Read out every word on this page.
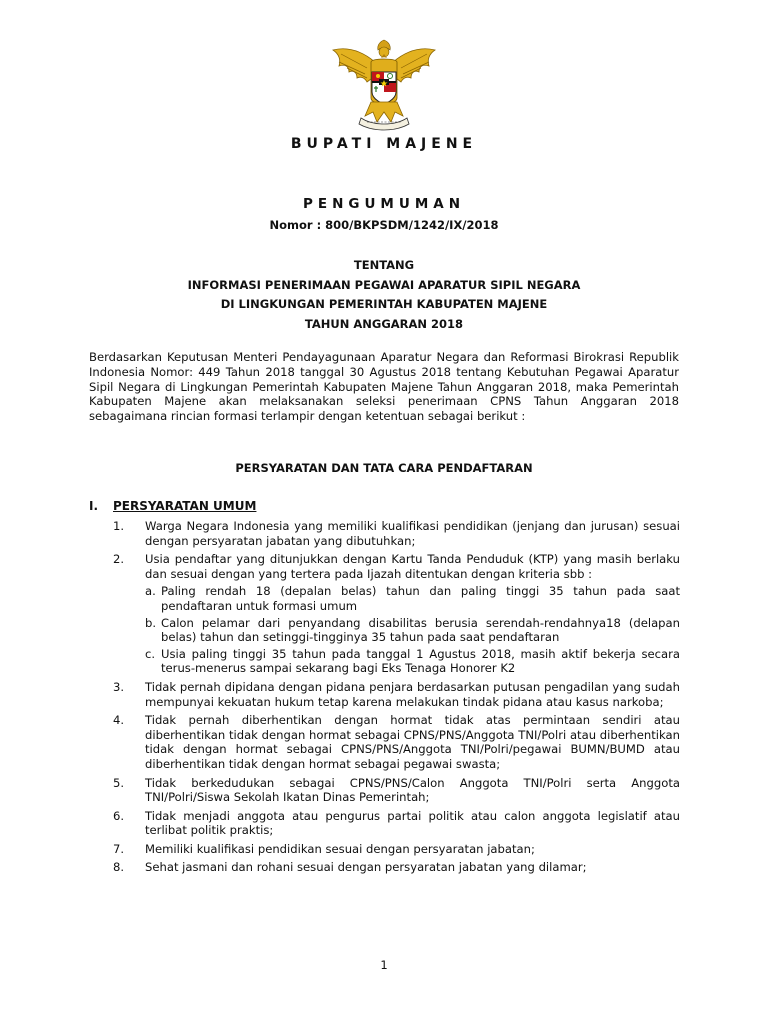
BUPATI MAJENE
PENGUMUMAN
Nomor : 800/BKPSDM/1242/IX/2018
TENTANG
INFORMASI PENERIMAAN PEGAWAI APARATUR SIPIL NEGARA
DI LINGKUNGAN PEMERINTAH KABUPATEN MAJENE
TAHUN ANGGARAN 2018
Berdasarkan Keputusan Menteri Pendayagunaan Aparatur Negara dan Reformasi Birokrasi Republik Indonesia Nomor: 449 Tahun 2018 tanggal 30 Agustus 2018 tentang Kebutuhan Pegawai Aparatur Sipil Negara di Lingkungan Pemerintah Kabupaten Majene Tahun Anggaran 2018, maka Pemerintah Kabupaten Majene akan melaksanakan seleksi penerimaan CPNS Tahun Anggaran 2018 sebagaimana rincian formasi terlampir dengan ketentuan sebagai berikut :
PERSYARATAN DAN TATA CARA PENDAFTARAN
I. PERSYARATAN UMUM
1.	Warga Negara Indonesia yang memiliki kualifikasi pendidikan (jenjang dan jurusan) sesuai dengan persyaratan jabatan yang dibutuhkan;
2.	Usia pendaftar yang ditunjukkan dengan Kartu Tanda Penduduk (KTP) yang masih berlaku dan sesuai dengan yang tertera pada Ijazah ditentukan dengan kriteria sbb :
a. Paling rendah 18 (depalan belas) tahun dan paling tinggi 35 tahun pada saat pendaftaran untuk formasi umum
b. Calon pelamar dari penyandang disabilitas berusia serendah-rendahnya18 (delapan belas) tahun dan setinggi-tingginya 35 tahun pada saat pendaftaran
c. Usia paling tinggi 35 tahun pada tanggal 1 Agustus 2018, masih aktif bekerja secara terus-menerus sampai sekarang bagi Eks Tenaga Honorer K2
3.	Tidak pernah dipidana dengan pidana penjara berdasarkan putusan pengadilan yang sudah mempunyai kekuatan hukum tetap karena melakukan tindak pidana atau kasus narkoba;
4.	Tidak pernah diberhentikan dengan hormat tidak atas permintaan sendiri atau diberhentikan tidak dengan hormat sebagai CPNS/PNS/Anggota TNI/Polri atau diberhentikan tidak dengan hormat sebagai CPNS/PNS/Anggota TNI/Polri/pegawai BUMN/BUMD atau diberhentikan tidak dengan hormat sebagai pegawai swasta;
5.	Tidak berkedudukan sebagai CPNS/PNS/Calon Anggota TNI/Polri serta Anggota TNI/Polri/Siswa Sekolah Ikatan Dinas Pemerintah;
6.	Tidak menjadi anggota atau pengurus partai politik atau calon anggota legislatif atau terlibat politik praktis;
7.	Memiliki kualifikasi pendidikan sesuai dengan persyaratan jabatan;
8.	Sehat jasmani dan rohani sesuai dengan persyaratan jabatan yang dilamar;
1
